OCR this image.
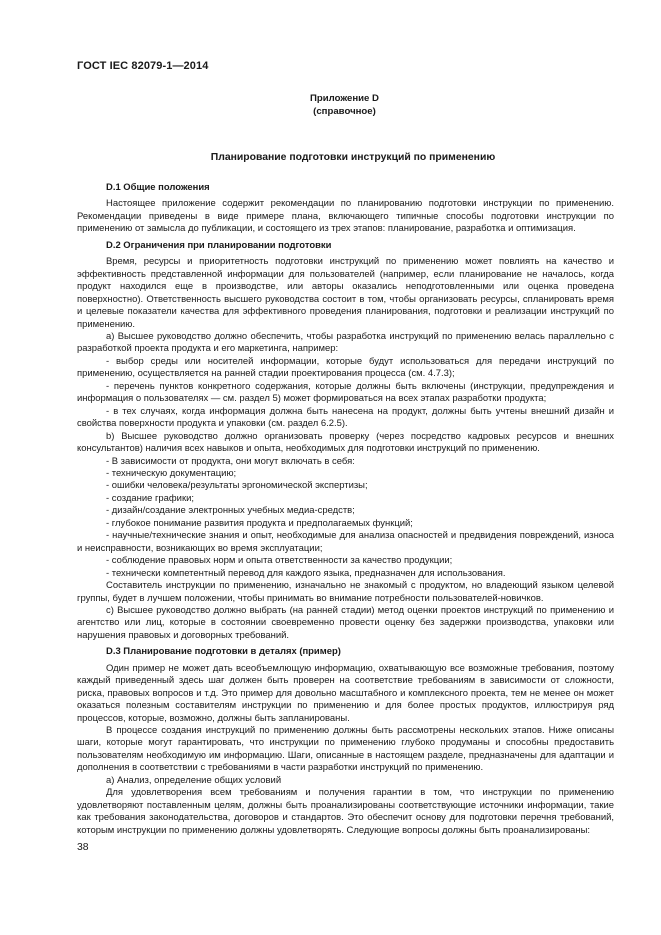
ГОСТ IEC 82079-1—2014
Приложение D
(справочное)
Планирование подготовки инструкций по применению
D.1 Общие положения

Настоящее приложение содержит рекомендации по планированию подготовки инструкции по применению. Рекомендации приведены в виде примере плана, включающего типичные способы подготовки инструкции по применению от замысла до публикации, и состоящего из трех этапов: планирование, разработка и оптимизация.

D.2 Ограничения при планировании подготовки

Время, ресурсы и приоритетность подготовки инструкций по применению может повлиять на качество и эффективность представленной информации для пользователей (например, если планирование не началось, когда продукт находился еще в производстве, или авторы оказались неподготовленными или оценка проведена поверхностно). Ответственность высшего руководства состоит в том, чтобы организовать ресурсы, спланировать время и целевые показатели качества для эффективного проведения планирования, подготовки и реализации инструкций по применению.

a) Высшее руководство должно обеспечить, чтобы разработка инструкций по применению велась параллельно с разработкой проекта продукта и его маркетинга, например:

- выбор среды или носителей информации, которые будут использоваться для передачи инструкций по применению, осуществляется на ранней стадии проектирования процесса (см. 4.7.3);

- перечень пунктов конкретного содержания, которые должны быть включены (инструкции, предупреждения и информация о пользователях — см. раздел 5) может формироваться на всех этапах разработки продукта;

- в тех случаях, когда информация должна быть нанесена на продукт, должны быть учтены внешний дизайн и свойства поверхности продукта и упаковки (см. раздел 6.2.5).

b) Высшее руководство должно организовать проверку (через посредство кадровых ресурсов и внешних консультантов) наличия всех навыков и опыта, необходимых для подготовки инструкций по применению.

- В зависимости от продукта, они могут включать в себя:

- техническую документацию;

- ошибки человека/результаты эргономической экспертизы;

- создание графики;

- дизайн/создание электронных учебных медиа-средств;

- глубокое понимание развития продукта и предполагаемых функций;

- научные/технические знания и опыт, необходимые для анализа опасностей и предвидения повреждений, износа и неисправности, возникающих во время эксплуатации;

- соблюдение правовых норм и опыта ответственности за качество продукции;

- технически компетентный перевод для каждого языка, предназначен для использования.

Составитель инструкции по применению, изначально не знакомый с продуктом, но владеющий языком целевой группы, будет в лучшем положении, чтобы принимать во внимание потребности пользователей-новичков.

c) Высшее руководство должно выбрать (на ранней стадии) метод оценки проектов инструкций по применению и агентство или лиц, которые в состоянии своевременно провести оценку без задержки производства, упаковки или нарушения правовых и договорных требований.

D.3 Планирование подготовки в деталях (пример)

Один пример не может дать всеобъемлющую информацию, охватывающую все возможные требования, поэтому каждый приведенный здесь шаг должен быть проверен на соответствие требованиям в зависимости от сложности, риска, правовых вопросов и т.д. Это пример для довольно масштабного и комплексного проекта, тем не менее он может оказаться полезным составителям инструкции по применению и для более простых продуктов, иллюстрируя ряд процессов, которые, возможно, должны быть запланированы.

В процессе создания инструкций по применению должны быть рассмотрены нескольких этапов. Ниже описаны шаги, которые могут гарантировать, что инструкции по применению глубоко продуманы и способны предоставить пользователям необходимую им информацию. Шаги, описанные в настоящем разделе, предназначены для адаптации и дополнения в соответствии с требованиями в части разработки инструкций по применению.

a) Анализ, определение общих условий

Для удовлетворения всем требованиям и получения гарантии в том, что инструкции по применению удовлетворяют поставленным целям, должны быть проанализированы соответствующие источники информации, такие как требования законодательства, договоров и стандартов. Это обеспечит основу для подготовки перечня требований, которым инструкции по применению должны удовлетворять. Следующие вопросы должны быть проанализированы:

38
